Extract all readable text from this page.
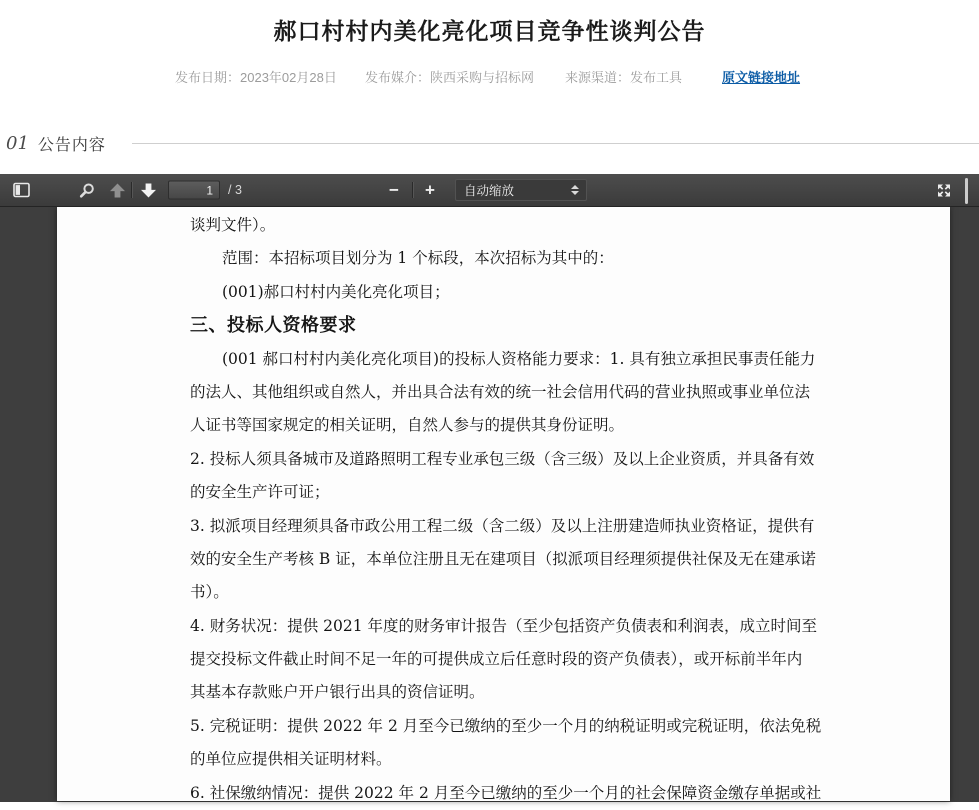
郝口村村内美化亮化项目竞争性谈判公告
发布日期：2023年02月28日	发布媒介：陕西采购与招标网	来源渠道：发布工具	原文链接地址
01 公告内容
1
/ 3	− +	自动缩放
谈判文件）。
范围：本招标项目划分为 1 个标段，本次招标为其中的：
(001)郝口村村内美化亮化项目；
三、投标人资格要求
(001 郝口村村内美化亮化项目)的投标人资格能力要求：1. 具有独立承担民事责任能力
的法人、其他组织或自然人，并出具合法有效的统一社会信用代码的营业执照或事业单位法
人证书等国家规定的相关证明，自然人参与的提供其身份证明。
2. 投标人须具备城市及道路照明工程专业承包三级（含三级）及以上企业资质，并具备有效
的安全生产许可证；
3. 拟派项目经理须具备市政公用工程二级（含二级）及以上注册建造师执业资格证，提供有
效的安全生产考核 B 证，本单位注册且无在建项目（拟派项目经理须提供社保及无在建承诺
书）。
4. 财务状况：提供 2021 年度的财务审计报告（至少包括资产负债表和利润表，成立时间至
提交投标文件截止时间不足一年的可提供成立后任意时段的资产负债表），或开标前半年内
其基本存款账户开户银行出具的资信证明。
5. 完税证明：提供 2022 年 2 月至今已缴纳的至少一个月的纳税证明或完税证明，依法免税
的单位应提供相关证明材料。
6. 社保缴纳情况：提供 2022 年 2 月至今已缴纳的至少一个月的社会保障资金缴存单据或社
